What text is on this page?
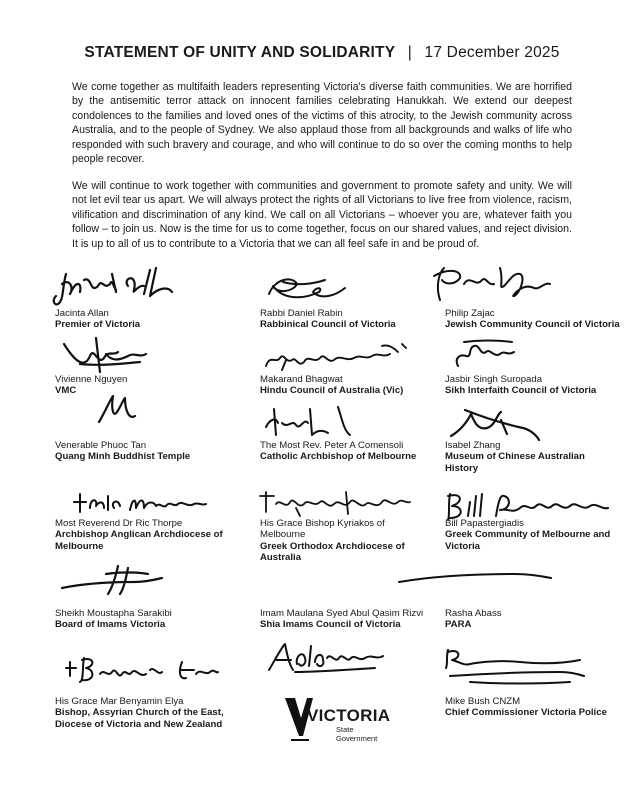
STATEMENT OF UNITY AND SOLIDARITY | 17 December 2025

We come together as multifaith leaders representing Victoria's diverse faith communities. We are horrified by the antisemitic terror attack on innocent families celebrating Hanukkah. We extend our deepest condolences to the families and loved ones of the victims of this atrocity, to the Jewish community across Australia, and to the people of Sydney. We also applaud those from all backgrounds and walks of life who responded with such bravery and courage, and who will continue to do so over the coming months to help people recover.

We will continue to work together with communities and government to promote safety and unity. We will not let evil tear us apart. We will always protect the rights of all Victorians to live free from violence, racism, vilification and discrimination of any kind. We call on all Victorians – whoever you are, whatever faith you follow – to join us. Now is the time for us to come together, focus on our shared values, and reject division. It is up to all of us to contribute to a Victoria that we can all feel safe in and be proud of.

Jacinta Allan
Premier of Victoria
Rabbi Daniel Rabin
Rabbinical Council of Victoria
Philip Zajac
Jewish Community Council of Victoria
Vivienne Nguyen
VMC
Makarand Bhagwat
Hindu Council of Australia (Vic)
Jasbir Singh Suropada
Sikh Interfaith Council of Victoria
Venerable Phuoc Tan
Quang Minh Buddhist Temple
The Most Rev. Peter A Comensoli
Catholic Archbishop of Melbourne
Isabel Zhang
Museum of Chinese Australian History
Most Reverend Dr Ric Thorpe
Archbishop Anglican Archdiocese of Melbourne
His Grace Bishop Kyriakos of Melbourne
Greek Orthodox Archdiocese of Australia
Bill Papastergiadis
Greek Community of Melbourne and Victoria
Sheikh Moustapha Sarakibi
Board of Imams Victoria
Imam Maulana Syed Abul Qasim Rizvi
Shia Imams Council of Victoria
Rasha Abass
PARA
His Grace Mar Benyamin Elya
Bishop, Assyrian Church of the East, Diocese of Victoria and New Zealand
Mike Bush CNZM
Chief Commissioner Victoria Police
VICTORIA
State
Government
